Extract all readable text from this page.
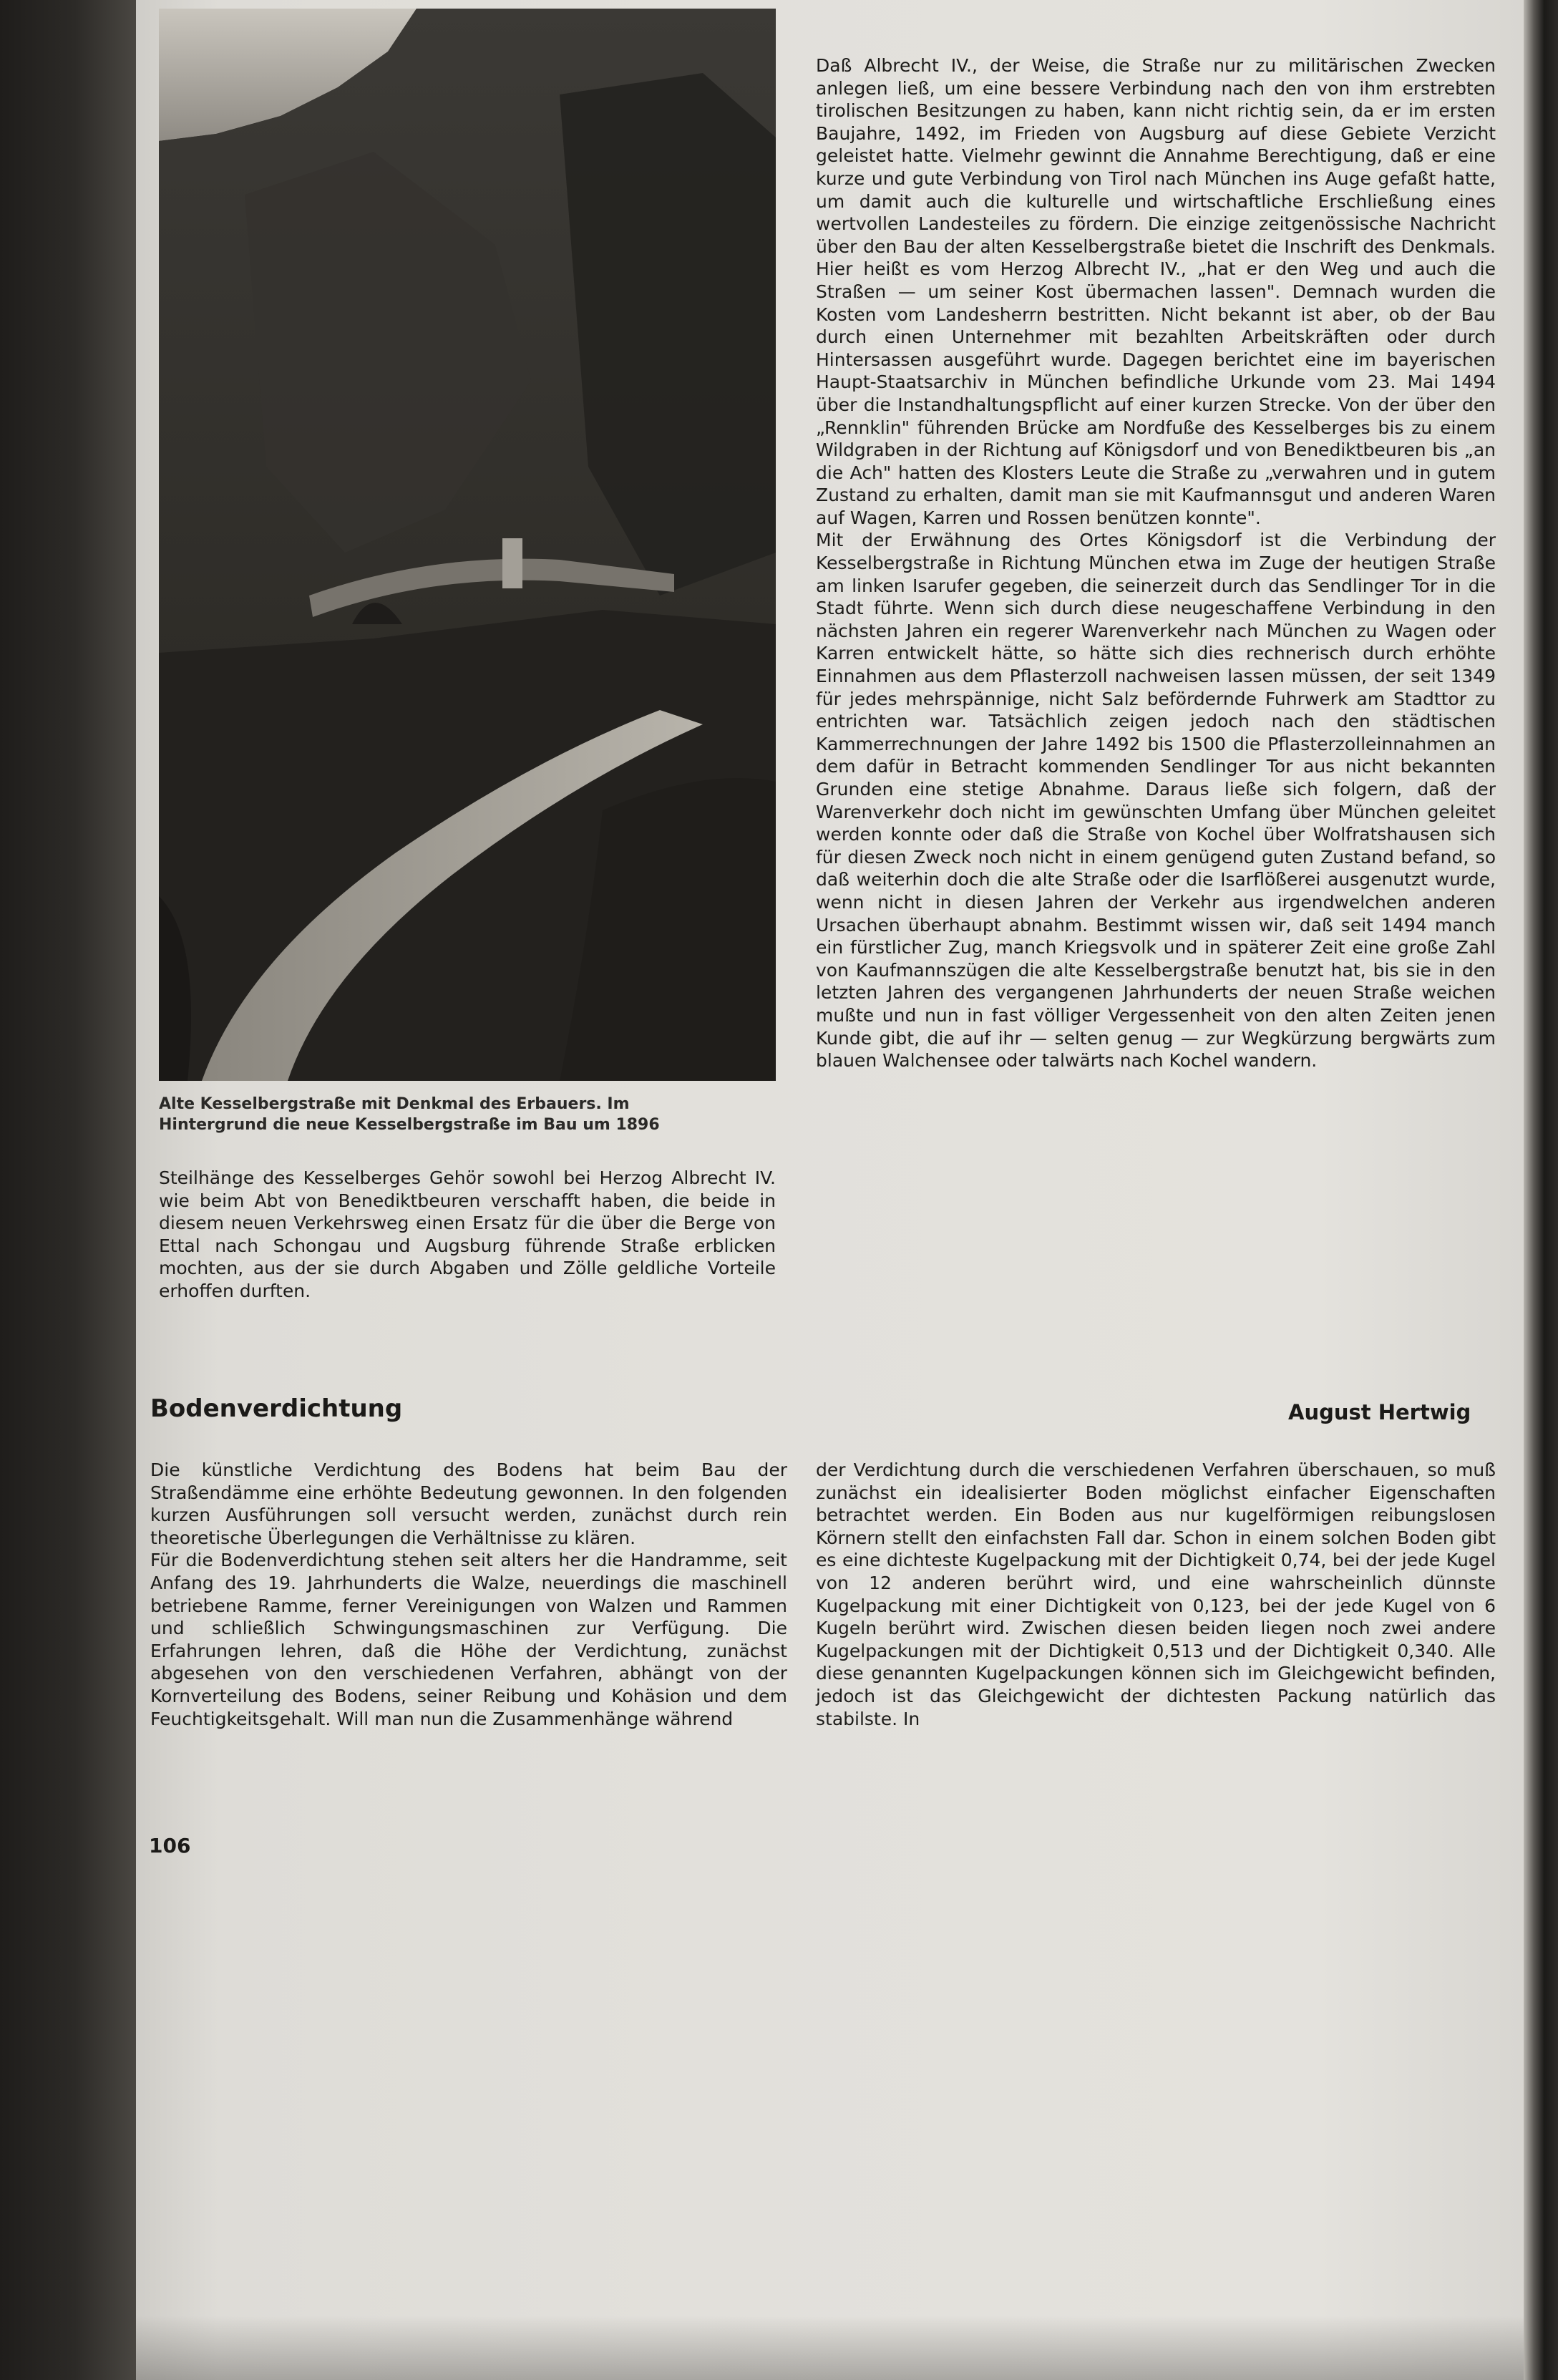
Alte Kesselbergstraße mit Denkmal des Erbauers. Im
Hintergrund die neue Kesselbergstraße im Bau um 1896

Steilhänge des Kesselberges Gehör sowohl bei Herzog Albrecht IV. wie beim Abt von Benediktbeuren verschafft haben, die beide in diesem neuen Verkehrsweg einen Ersatz für die über die Berge von Ettal nach Schongau und Augsburg führende Straße erblicken mochten, aus der sie durch Abgaben und Zölle geldliche Vorteile erhoffen durften.

Daß Albrecht IV., der Weise, die Straße nur zu militärischen Zwecken anlegen ließ, um eine bessere Verbindung nach den von ihm erstrebten tirolischen Besitzungen zu haben, kann nicht richtig sein, da er im ersten Baujahre, 1492, im Frieden von Augsburg auf diese Gebiete Verzicht geleistet hatte. Vielmehr gewinnt die Annahme Berechtigung, daß er eine kurze und gute Verbindung von Tirol nach München ins Auge gefaßt hatte, um damit auch die kulturelle und wirtschaftliche Erschließung eines wertvollen Landesteiles zu fördern. Die einzige zeitgenössische Nachricht über den Bau der alten Kesselbergstraße bietet die Inschrift des Denkmals. Hier heißt es vom Herzog Albrecht IV., „hat er den Weg und auch die Straßen — um seiner Kost übermachen lassen". Demnach wurden die Kosten vom Landesherrn bestritten. Nicht bekannt ist aber, ob der Bau durch einen Unternehmer mit bezahlten Arbeitskräften oder durch Hintersassen ausgeführt wurde. Dagegen berichtet eine im bayerischen Haupt-Staatsarchiv in München befindliche Urkunde vom 23. Mai 1494 über die Instandhaltungspflicht auf einer kurzen Strecke. Von der über den „Rennklin" führenden Brücke am Nordfuße des Kesselberges bis zu einem Wildgraben in der Richtung auf Königsdorf und von Benediktbeuren bis „an die Ach" hatten des Klosters Leute die Straße zu „verwahren und in gutem Zustand zu erhalten, damit man sie mit Kaufmannsgut und anderen Waren auf Wagen, Karren und Rossen benützen konnte".

Mit der Erwähnung des Ortes Königsdorf ist die Verbindung der Kesselbergstraße in Richtung München etwa im Zuge der heutigen Straße am linken Isarufer gegeben, die seinerzeit durch das Sendlinger Tor in die Stadt führte. Wenn sich durch diese neugeschaffene Verbindung in den nächsten Jahren ein regerer Warenverkehr nach München zu Wagen oder Karren entwickelt hätte, so hätte sich dies rechnerisch durch erhöhte Einnahmen aus dem Pflasterzoll nachweisen lassen müssen, der seit 1349 für jedes mehrspännige, nicht Salz befördernde Fuhrwerk am Stadttor zu entrichten war. Tatsächlich zeigen jedoch nach den städtischen Kammerrechnungen der Jahre 1492 bis 1500 die Pflasterzolleinnahmen an dem dafür in Betracht kommenden Sendlinger Tor aus nicht bekannten Grunden eine stetige Abnahme. Daraus ließe sich folgern, daß der Warenverkehr doch nicht im gewünschten Umfang über München geleitet werden konnte oder daß die Straße von Kochel über Wolfratshausen sich für diesen Zweck noch nicht in einem genügend guten Zustand befand, so daß weiterhin doch die alte Straße oder die Isarflößerei ausgenutzt wurde, wenn nicht in diesen Jahren der Verkehr aus irgendwelchen anderen Ursachen überhaupt abnahm. Bestimmt wissen wir, daß seit 1494 manch ein fürstlicher Zug, manch Kriegsvolk und in späterer Zeit eine große Zahl von Kaufmannszügen die alte Kesselbergstraße benutzt hat, bis sie in den letzten Jahren des vergangenen Jahrhunderts der neuen Straße weichen mußte und nun in fast völliger Vergessenheit von den alten Zeiten jenen Kunde gibt, die auf ihr — selten genug — zur Wegkürzung bergwärts zum blauen Walchensee oder talwärts nach Kochel wandern.

Bodenverdichtung	August Hertwig

Die künstliche Verdichtung des Bodens hat beim Bau der Straßendämme eine erhöhte Bedeutung gewonnen. In den folgenden kurzen Ausführungen soll versucht werden, zunächst durch rein theoretische Überlegungen die Verhältnisse zu klären.

Für die Bodenverdichtung stehen seit alters her die Handramme, seit Anfang des 19. Jahrhunderts die Walze, neuerdings die maschinell betriebene Ramme, ferner Vereinigungen von Walzen und Rammen und schließlich Schwingungsmaschinen zur Verfügung. Die Erfahrungen lehren, daß die Höhe der Verdichtung, zunächst abgesehen von den verschiedenen Verfahren, abhängt von der Kornverteilung des Bodens, seiner Reibung und Kohäsion und dem Feuchtigkeitsgehalt. Will man nun die Zusammenhänge während

der Verdichtung durch die verschiedenen Verfahren überschauen, so muß zunächst ein idealisierter Boden möglichst einfacher Eigenschaften betrachtet werden. Ein Boden aus nur kugelförmigen reibungslosen Körnern stellt den einfachsten Fall dar. Schon in einem solchen Boden gibt es eine dichteste Kugelpackung mit der Dichtigkeit 0,74, bei der jede Kugel von 12 anderen berührt wird, und eine wahrscheinlich dünnste Kugelpackung mit einer Dichtigkeit von 0,123, bei der jede Kugel von 6 Kugeln berührt wird. Zwischen diesen beiden liegen noch zwei andere Kugelpackungen mit der Dichtigkeit 0,513 und der Dichtigkeit 0,340. Alle diese genannten Kugelpackungen können sich im Gleichgewicht befinden, jedoch ist das Gleichgewicht der dichtesten Packung natürlich das stabilste. In

106
